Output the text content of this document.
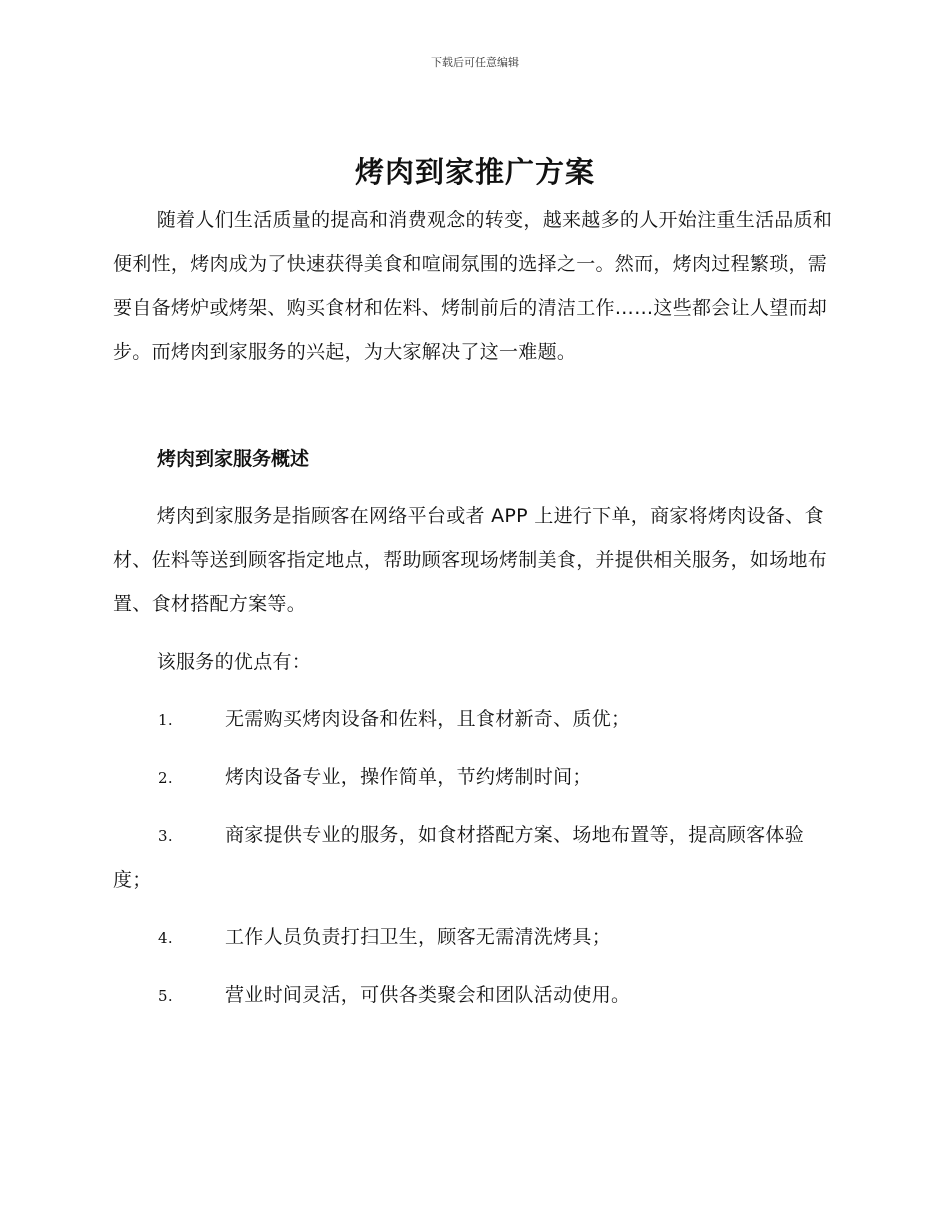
下载后可任意编辑
烤肉到家推广方案

随着人们生活质量的提高和消费观念的转变，越来越多的人开始注重生活品质和便利性，烤肉成为了快速获得美食和喧闹氛围的选择之一。然而，烤肉过程繁琐，需要自备烤炉或烤架、购买食材和佐料、烤制前后的清洁工作……这些都会让人望而却步。而烤肉到家服务的兴起，为大家解决了这一难题。

烤肉到家服务概述

烤肉到家服务是指顾客在网络平台或者 APP 上进行下单，商家将烤肉设备、食材、佐料等送到顾客指定地点，帮助顾客现场烤制美食，并提供相关服务，如场地布置、食材搭配方案等。

该服务的优点有：

1.	无需购买烤肉设备和佐料，且食材新奇、质优；
2.	烤肉设备专业，操作简单，节约烤制时间；
3.	商家提供专业的服务，如食材搭配方案、场地布置等，提高顾客体验度；
4.	工作人员负责打扫卫生，顾客无需清洗烤具；
5.	营业时间灵活，可供各类聚会和团队活动使用。
